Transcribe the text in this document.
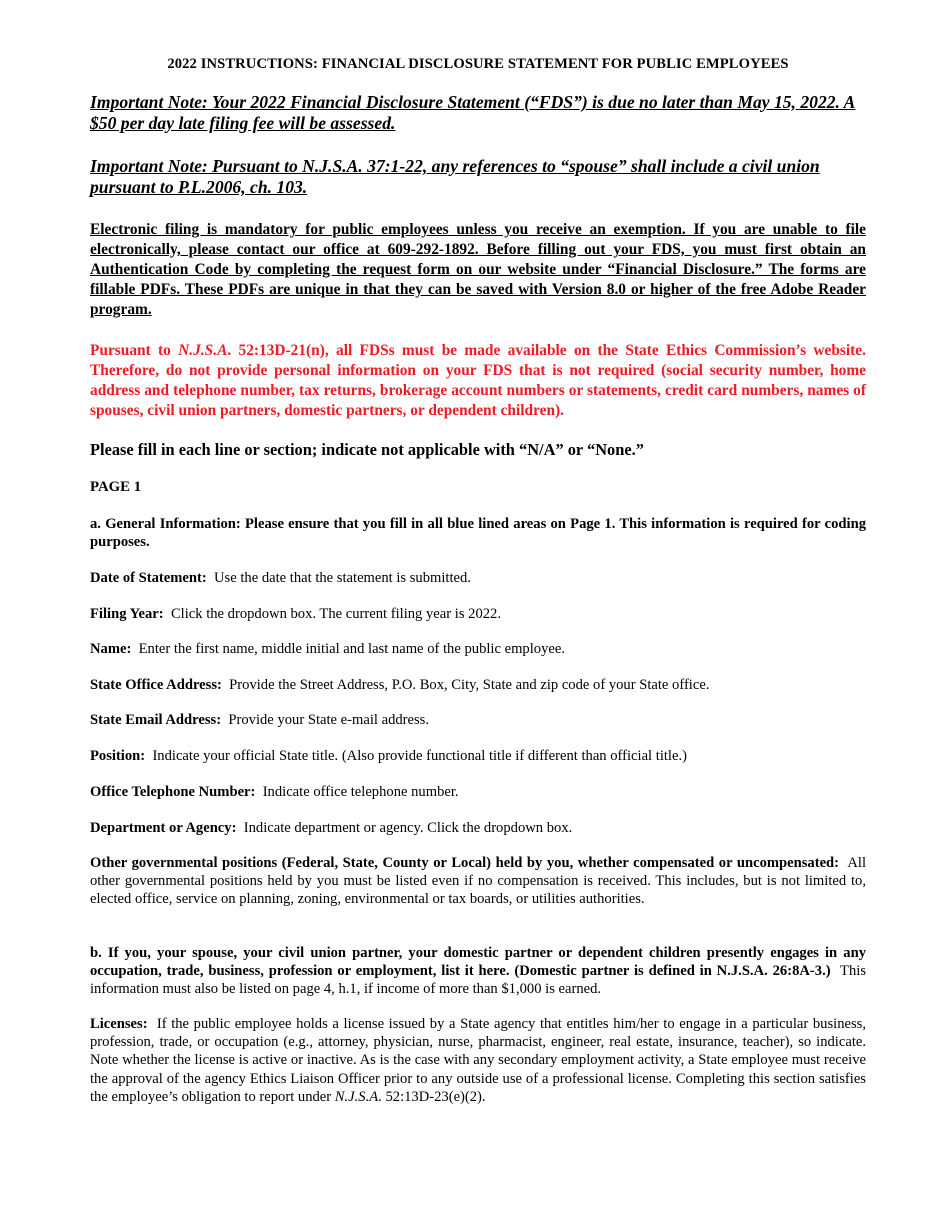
2022 INSTRUCTIONS: FINANCIAL DISCLOSURE STATEMENT FOR PUBLIC EMPLOYEES
Important Note: Your 2022 Financial Disclosure Statement (“FDS”) is due no later than May 15, 2022. A $50 per day late filing fee will be assessed.
Important Note: Pursuant to N.J.S.A. 37:1-22, any references to “spouse” shall include a civil union pursuant to P.L.2006, ch. 103.
Electronic filing is mandatory for public employees unless you receive an exemption. If you are unable to file electronically, please contact our office at 609-292-1892. Before filling out your FDS, you must first obtain an Authentication Code by completing the request form on our website under “Financial Disclosure.” The forms are fillable PDFs. These PDFs are unique in that they can be saved with Version 8.0 or higher of the free Adobe Reader program.
Pursuant to N.J.S.A. 52:13D-21(n), all FDSs must be made available on the State Ethics Commission’s website. Therefore, do not provide personal information on your FDS that is not required (social security number, home address and telephone number, tax returns, brokerage account numbers or statements, credit card numbers, names of spouses, civil union partners, domestic partners, or dependent children).
Please fill in each line or section; indicate not applicable with “N/A” or “None.”
PAGE 1
a. General Information: Please ensure that you fill in all blue lined areas on Page 1. This information is required for coding purposes.
Date of Statement: Use the date that the statement is submitted.
Filing Year: Click the dropdown box. The current filing year is 2022.
Name: Enter the first name, middle initial and last name of the public employee.
State Office Address: Provide the Street Address, P.O. Box, City, State and zip code of your State office.
State Email Address: Provide your State e-mail address.
Position: Indicate your official State title. (Also provide functional title if different than official title.)
Office Telephone Number: Indicate office telephone number.
Department or Agency: Indicate department or agency. Click the dropdown box.
Other governmental positions (Federal, State, County or Local) held by you, whether compensated or uncompensated: All other governmental positions held by you must be listed even if no compensation is received. This includes, but is not limited to, elected office, service on planning, zoning, environmental or tax boards, or utilities authorities.
b. If you, your spouse, your civil union partner, your domestic partner or dependent children presently engages in any occupation, trade, business, profession or employment, list it here. (Domestic partner is defined in N.J.S.A. 26:8A-3.) This information must also be listed on page 4, h.1, if income of more than $1,000 is earned.
Licenses: If the public employee holds a license issued by a State agency that entitles him/her to engage in a particular business, profession, trade, or occupation (e.g., attorney, physician, nurse, pharmacist, engineer, real estate, insurance, teacher), so indicate. Note whether the license is active or inactive. As is the case with any secondary employment activity, a State employee must receive the approval of the agency Ethics Liaison Officer prior to any outside use of a professional license. Completing this section satisfies the employee’s obligation to report under N.J.S.A. 52:13D-23(e)(2).
